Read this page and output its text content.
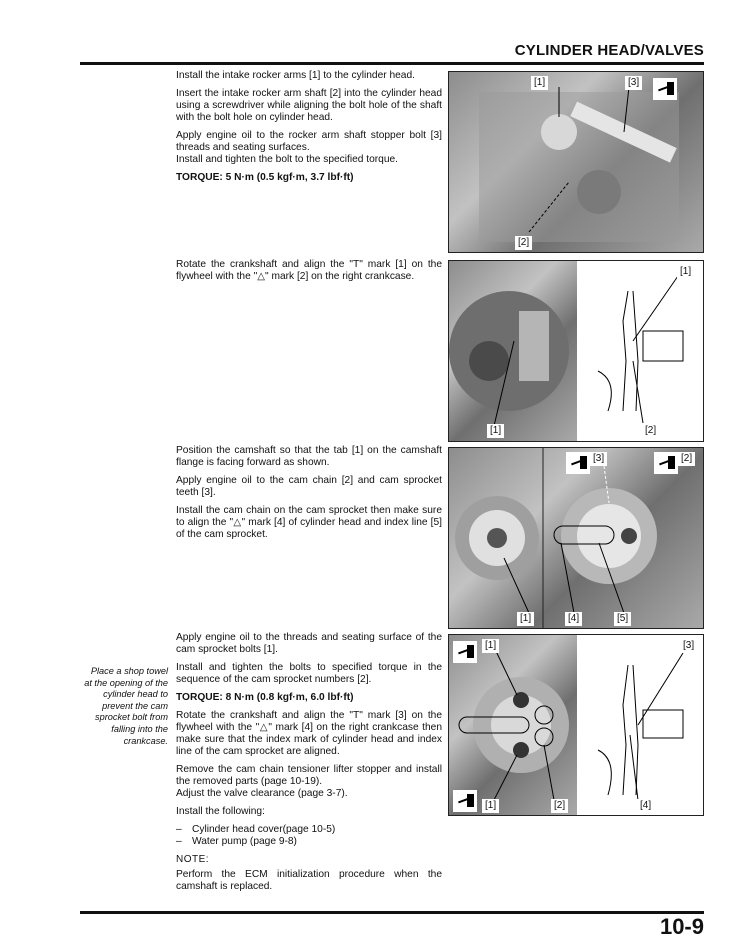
CYLINDER HEAD/VALVES

Install the intake rocker arms [1] to the cylinder head.

Insert the intake rocker arm shaft [2] into the cylinder head using a screwdriver while aligning the bolt hole of the shaft with the bolt hole on cylinder head.

Apply engine oil to the rocker arm shaft stopper bolt [3] threads and seating surfaces.

Install and tighten the bolt to the specified torque.

TORQUE: 5 N·m (0.5 kgf·m, 3.7 lbf·ft)

[1]	[3]
[2]

Rotate the crankshaft and align the "T" mark [1] on the flywheel with the "△" mark [2] on the right crankcase.	[1]
[1]	[2]

Position the camshaft so that the tab [1] on the camshaft flange is facing forward as shown.

Apply engine oil to the cam chain [2] and cam sprocket teeth [3].

Install the cam chain on the cam sprocket then make sure to align the "△" mark [4] of cylinder head and index line [5] of the cam sprocket.

[3]	[2]
[1]	[4]	[5]
Place a shop towel at the opening of the cylinder head to prevent the cam sprocket bolt from falling into the crankcase.

Apply engine oil to the threads and seating surface of the cam sprocket bolts [1].

Install and tighten the bolts to specified torque in the sequence of the cam sprocket numbers [2].

TORQUE: 8 N·m (0.8 kgf·m, 6.0 lbf·ft)

Rotate the crankshaft and align the "T" mark [3] on the flywheel with the "△" mark [4] on the right crankcase then make sure that the index mark of cylinder head and index line of the cam sprocket are aligned.

Remove the cam chain tensioner lifter stopper and install the removed parts (page 10-19).

Adjust the valve clearance (page 3-7).

Install the following:

– Cylinder head cover(page 10-5)
– Water pump (page 9-8)

NOTE:

Perform the ECM initialization procedure when the camshaft is replaced.

[1]	[3]
[1]	[2]	[4]
10-9
